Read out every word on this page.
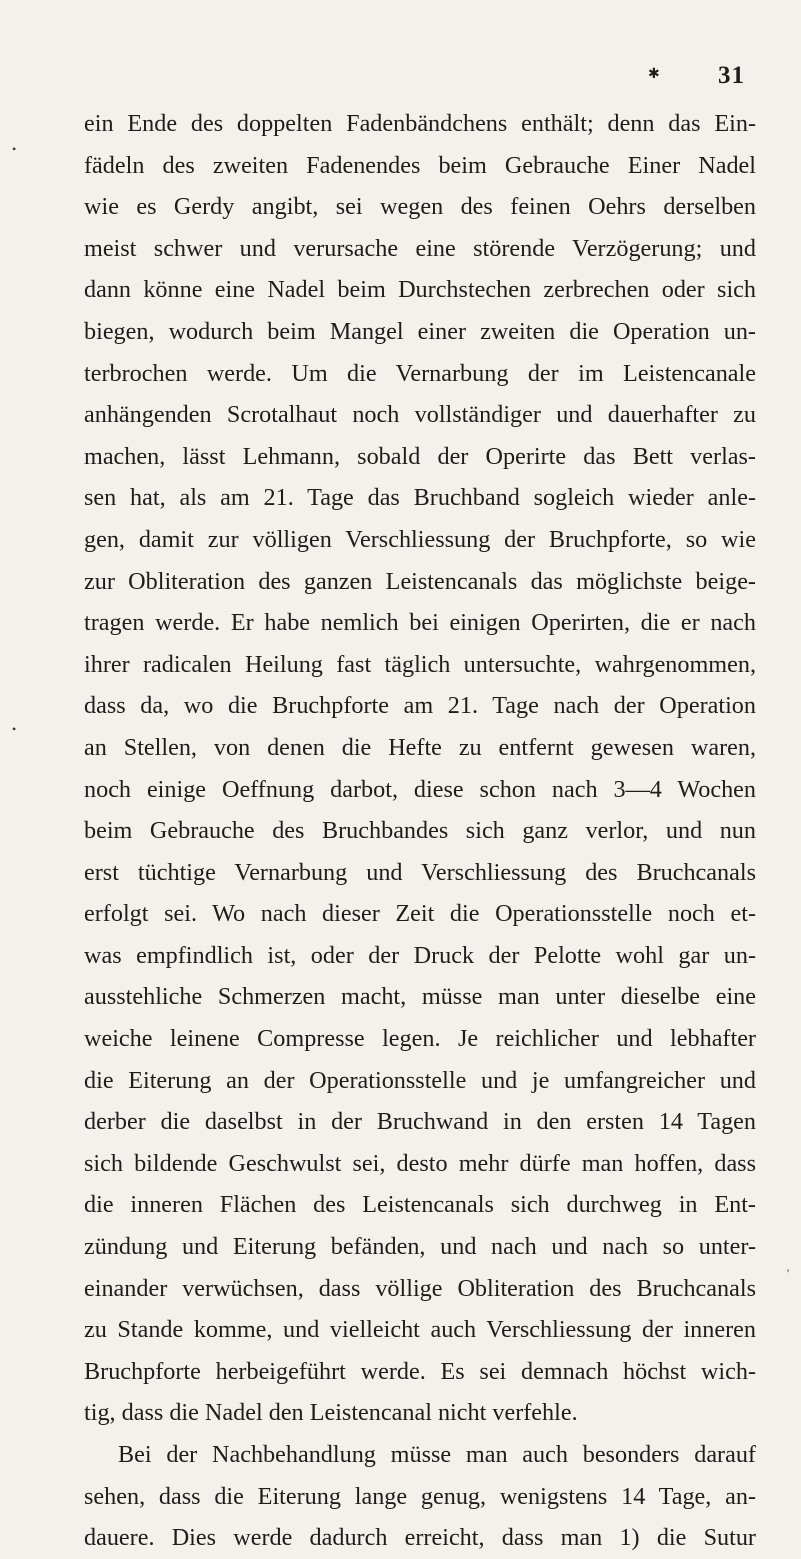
✱ 31
•
•
'
ein Ende des doppelten Fadenbändchens enthält; denn das Ein-
fädeln des zweiten Fadenendes beim Gebrauche Einer Nadel
wie es Gerdy angibt, sei wegen des feinen Oehrs derselben
meist schwer und verursache eine störende Verzögerung; und
dann könne eine Nadel beim Durchstechen zerbrechen oder sich
biegen, wodurch beim Mangel einer zweiten die Operation un-
terbrochen werde. Um die Vernarbung der im Leistencanale
anhängenden Scrotalhaut noch vollständiger und dauerhafter zu
machen, lässt Lehmann, sobald der Operirte das Bett verlas-
sen hat, als am 21. Tage das Bruchband sogleich wieder anle-
gen, damit zur völligen Verschliessung der Bruchpforte, so wie
zur Obliteration des ganzen Leistencanals das möglichste beige-
tragen werde. Er habe nemlich bei einigen Operirten, die er nach
ihrer radicalen Heilung fast täglich untersuchte, wahrgenommen,
dass da, wo die Bruchpforte am 21. Tage nach der Operation
an Stellen, von denen die Hefte zu entfernt gewesen waren,
noch einige Oeffnung darbot, diese schon nach 3—4 Wochen
beim Gebrauche des Bruchbandes sich ganz verlor, und nun
erst tüchtige Vernarbung und Verschliessung des Bruchcanals
erfolgt sei. Wo nach dieser Zeit die Operationsstelle noch et-
was empfindlich ist, oder der Druck der Pelotte wohl gar un-
ausstehliche Schmerzen macht, müsse man unter dieselbe eine
weiche leinene Compresse legen. Je reichlicher und lebhafter
die Eiterung an der Operationsstelle und je umfangreicher und
derber die daselbst in der Bruchwand in den ersten 14 Tagen
sich bildende Geschwulst sei, desto mehr dürfe man hoffen, dass
die inneren Flächen des Leistencanals sich durchweg in Ent-
zündung und Eiterung befänden, und nach und nach so unter-
einander verwüchsen, dass völlige Obliteration des Bruchcanals
zu Stande komme, und vielleicht auch Verschliessung der inneren
Bruchpforte herbeigeführt werde. Es sei demnach höchst wich-
tig, dass die Nadel den Leistencanal nicht verfehle.
Bei der Nachbehandlung müsse man auch besonders darauf
sehen, dass die Eiterung lange genug, wenigstens 14 Tage, an-
dauere. Dies werde dadurch erreicht, dass man 1) die Sutur
